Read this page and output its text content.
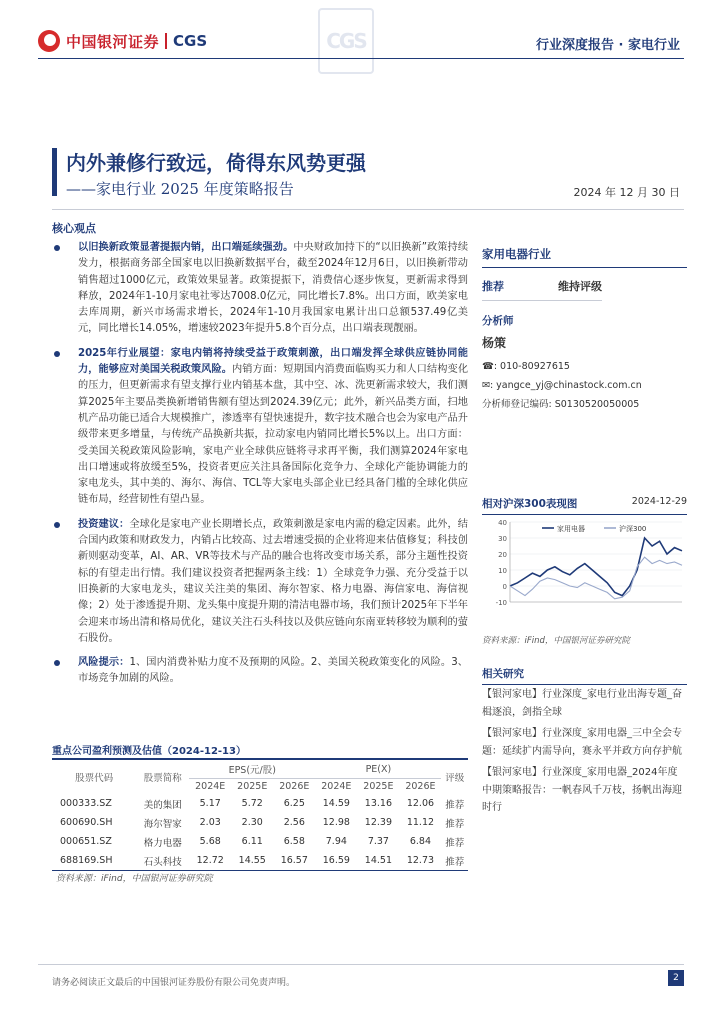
中国银河证券 CGS	CGS	行业深度报告 · 家电行业
内外兼修行致远，倚得东风势更强
——家电行业 2025 年度策略报告	2024 年 12 月 30 日
核心观点
以旧换新政策显著提振内销，出口端延续强劲。中央财政加持下的“以旧换新”政策持续发力，根据商务部全国家电以旧换新数据平台，截至2024年12月6日，以旧换新带动销售超过1000亿元，政策效果显著。政策提振下，消费信心逐步恢复，更新需求得到释放，2024年1-10月家电社零达7008.0亿元，同比增长7.8%。出口方面，欧美家电去库周期，新兴市场需求增长，2024年1-10月我国家电累计出口总额537.49亿美元，同比增长14.05%，增速较2023年提升5.8个百分点，出口端表现靓丽。
2025年行业展望：家电内销将持续受益于政策刺激，出口端发挥全球供应链协同能力，能够应对美国关税政策风险。内销方面：短期国内消费面临购买力和人口结构变化的压力，但更新需求有望支撑行业内销基本盘，其中空、冰、洗更新需求较大，我们测算2025年主要品类换新增销售额有望达到2024.39亿元；此外，新兴品类方面，扫地机产品功能已适合大规模推广，渗透率有望快速提升，数字技术融合也会为家电产品升级带来更多增量，与传统产品换新共振，拉动家电内销同比增长5%以上。出口方面：受美国关税政策风险影响，家电产业全球供应链将寻求再平衡，我们测算2024年家电出口增速或将放缓至5%，投资者更应关注具备国际化竞争力、全球化产能协调能力的家电龙头，其中美的、海尔、海信、TCL等大家电头部企业已经具备门槛的全球化供应链布局，经营韧性有望凸显。
投资建议：全球化是家电产业长期增长点，政策刺激是家电内需的稳定因素。此外，结合国内政策和财政发力，内销占比较高、过去增速受损的企业将迎来估值修复；科技创新则驱动变革，AI、AR、VR等技术与产品的融合也将改变市场关系，部分主题性投资标的有望走出行情。我们建议投资者把握两条主线：1）全球竞争力强、充分受益于以旧换新的大家电龙头，建议关注美的集团、海尔智家、格力电器、海信家电、海信视像；2）处于渗透提升期、龙头集中度提升期的清洁电器市场，我们预计2025年下半年会迎来市场出清和格局优化，建议关注石头科技以及供应链向东南亚转移较为顺利的萤石股份。
风险提示：1、国内消费补贴力度不及预期的风险。2、美国关税政策变化的风险。3、市场竞争加剧的风险。
重点公司盈利预测及估值（2024-12-13）
股票代码	股票简称	EPS(元/股)			PE(X)			评级
		2024E	2025E	2026E	2024E	2025E	2026E	
000333.SZ	美的集团	5.17	5.72	6.25	14.59	13.16	12.06	推荐
600690.SH	海尔智家	2.03	2.30	2.56	12.98	12.39	11.12	推荐
000651.SZ	格力电器	5.68	6.11	6.58	7.94	7.37	6.84	推荐
688169.SH	石头科技	12.72	14.55	16.57	16.59	14.51	12.73	推荐
资料来源：iFind，中国银河证券研究院
家用电器行业
推荐	维持评级
分析师
杨策
☎: 010-80927615
✉: yangce_yj@chinastock.com.cn
分析师登记编码: S0130520050005
相对沪深300表现图	2024-12-29
40
30
20
10
0
-10
家用电器	沪深300
资料来源：iFind，中国银河证券研究院
相关研究
【银河家电】行业深度_家电行业出海专题_奋楫逐浪，剑指全球
【银河家电】行业深度_家用电器_三中全会专题：延续扩内需导向，赛永平并政方向存护航
【银河家电】行业深度_家用电器_2024年度中期策略报告：一帆春风千万枝，扬帆出海迎时行
请务必阅读正文最后的中国银河证券股份有限公司免责声明。	2
